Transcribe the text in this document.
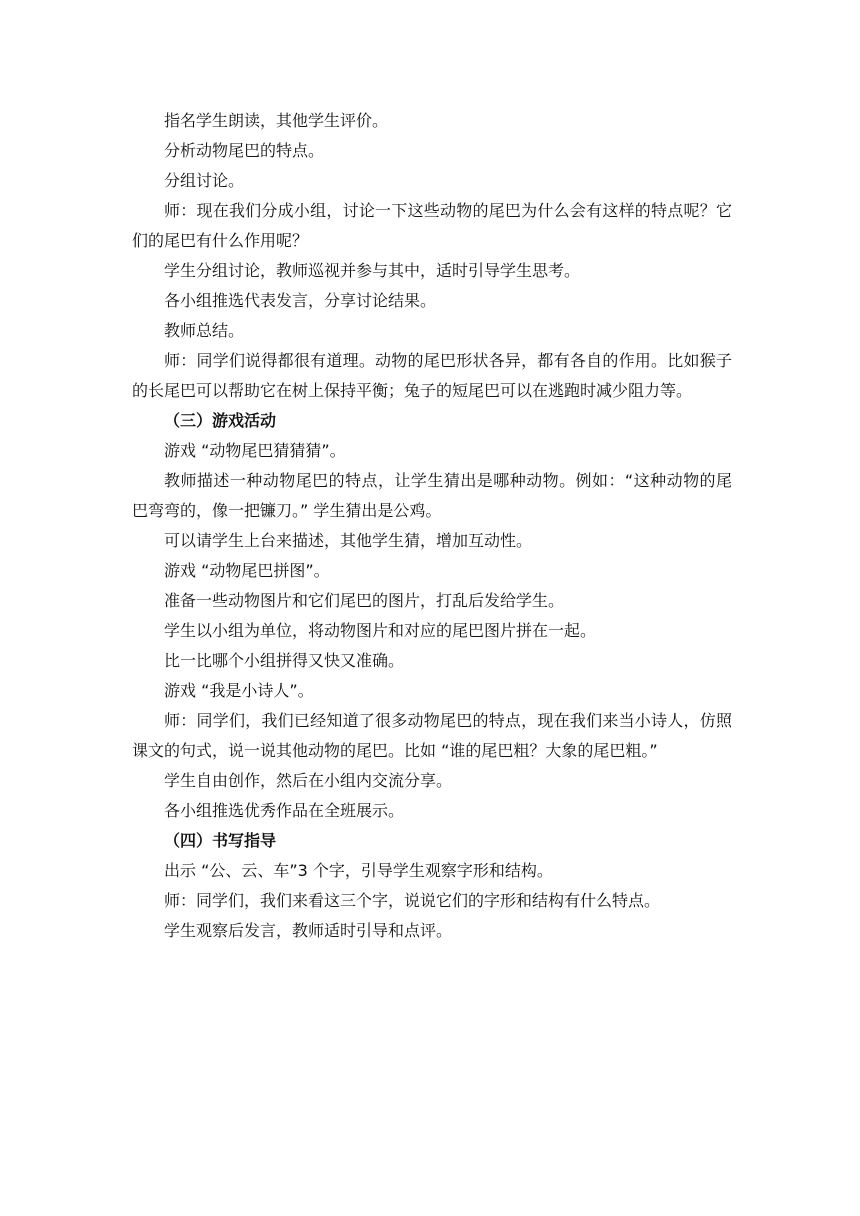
指名学生朗读，其他学生评价。

分析动物尾巴的特点。

分组讨论。

师：现在我们分成小组，讨论一下这些动物的尾巴为什么会有这样的特点呢？它们的尾巴有什么作用呢？

学生分组讨论，教师巡视并参与其中，适时引导学生思考。

各小组推选代表发言，分享讨论结果。

教师总结。

师：同学们说得都很有道理。动物的尾巴形状各异，都有各自的作用。比如猴子的长尾巴可以帮助它在树上保持平衡；兔子的短尾巴可以在逃跑时减少阻力等。

（三）游戏活动

游戏 “动物尾巴猜猜猜”。

教师描述一种动物尾巴的特点，让学生猜出是哪种动物。例如：“这种动物的尾巴弯弯的，像一把镰刀。” 学生猜出是公鸡。

可以请学生上台来描述，其他学生猜，增加互动性。

游戏 “动物尾巴拼图”。

准备一些动物图片和它们尾巴的图片，打乱后发给学生。

学生以小组为单位，将动物图片和对应的尾巴图片拼在一起。

比一比哪个小组拼得又快又准确。

游戏 “我是小诗人”。

师：同学们，我们已经知道了很多动物尾巴的特点，现在我们来当小诗人，仿照课文的句式，说一说其他动物的尾巴。比如 “谁的尾巴粗？大象的尾巴粗。”

学生自由创作，然后在小组内交流分享。

各小组推选优秀作品在全班展示。

（四）书写指导

出示 “公、云、车”3 个字，引导学生观察字形和结构。

师：同学们，我们来看这三个字，说说它们的字形和结构有什么特点。

学生观察后发言，教师适时引导和点评。
